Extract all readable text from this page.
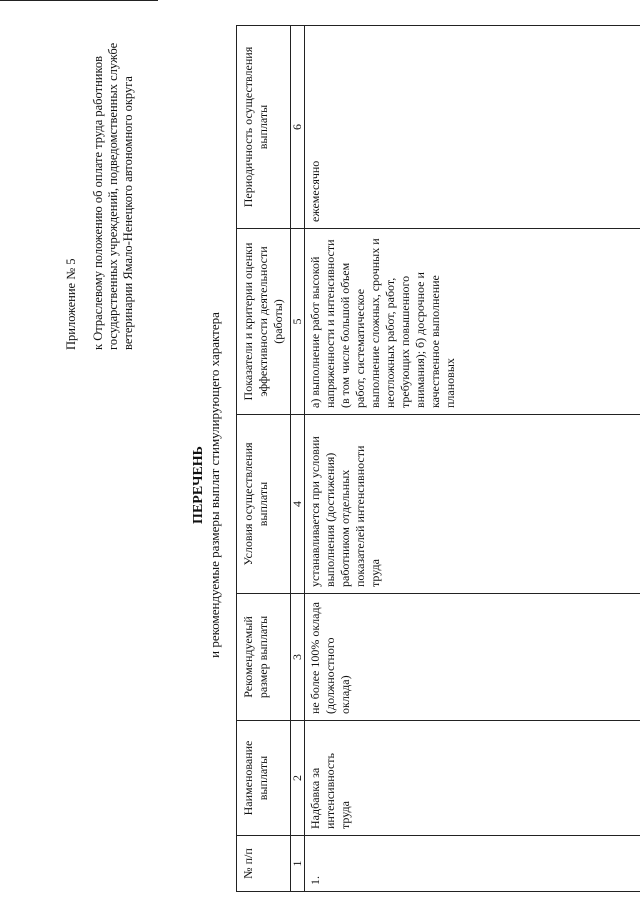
Приложение № 5 к Отраслевому положению об оплате труда работников государственных учреждений, подведомственных службе ветеринарии Ямало-Ненецкого автономного округа
ПЕРЕЧЕНЬ и рекомендуемые размеры выплат стимулирующего характера
№ п/п	Наименование выплаты	Рекомендуемый размер выплаты	Условия осуществления выплаты	Показатели и критерии оценки эффективности деятельности (работы)	Периодичность осуществления выплаты
1	2	3	4	5	6
1.	Надбавка за интенсивность труда	не более 100% оклада (должностного оклада)	устанавливается при условии выполнения (достижения) работником отдельных показателей интенсивности труда	а) выполнение работ высокой напряженности и интенсивности (в том числе большой объем работ, систематическое выполнение сложных, срочных и неотложных работ, работ, требующих повышенного внимания); б) досрочное и качественное выполнение плановых	ежемесячно
